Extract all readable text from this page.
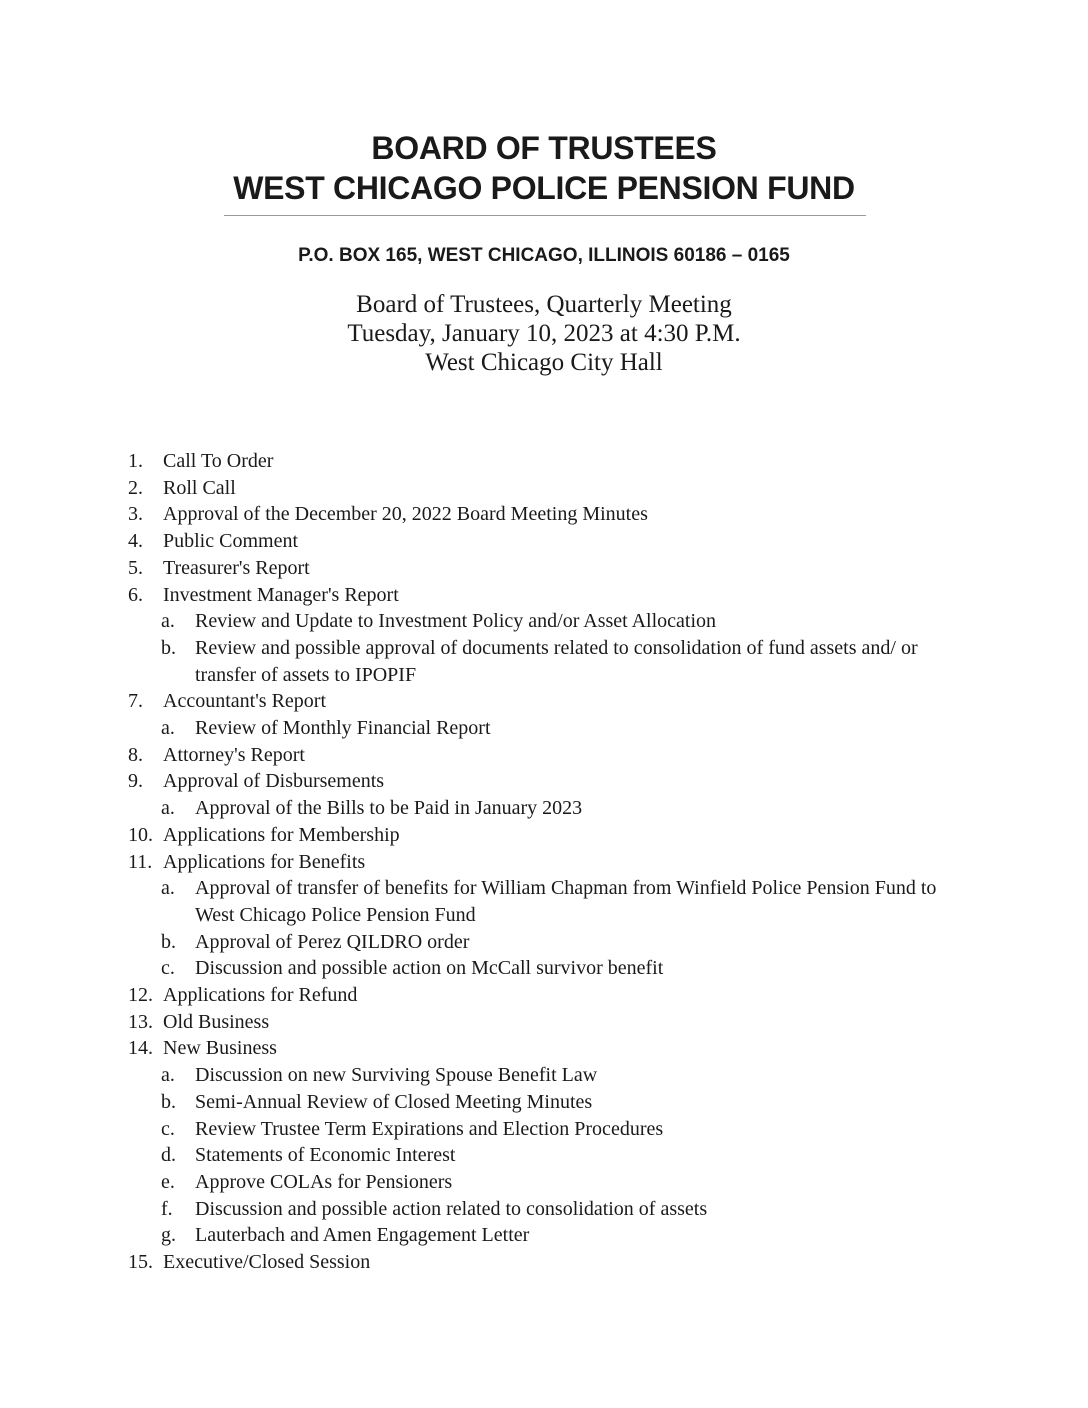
BOARD OF TRUSTEES
WEST CHICAGO POLICE PENSION FUND
P.O. BOX 165, WEST CHICAGO, ILLINOIS 60186 – 0165
Board of Trustees, Quarterly Meeting
Tuesday, January 10, 2023 at 4:30 P.M.
West Chicago City Hall
1. Call To Order
2. Roll Call
3. Approval of the December 20, 2022 Board Meeting Minutes
4. Public Comment
5. Treasurer's Report
6. Investment Manager's Report
a. Review and Update to Investment Policy and/or Asset Allocation
b. Review and possible approval of documents related to consolidation of fund assets and/ or transfer of assets to IPOPIF
7. Accountant's Report
a. Review of Monthly Financial Report
8. Attorney's Report
9. Approval of Disbursements
a. Approval of the Bills to be Paid in January 2023
10. Applications for Membership
11. Applications for Benefits
a. Approval of transfer of benefits for William Chapman from Winfield Police Pension Fund to West Chicago Police Pension Fund
b. Approval of Perez QILDRO order
c. Discussion and possible action on McCall survivor benefit
12. Applications for Refund
13. Old Business
14. New Business
a. Discussion on new Surviving Spouse Benefit Law
b. Semi-Annual Review of Closed Meeting Minutes
c. Review Trustee Term Expirations and Election Procedures
d. Statements of Economic Interest
e. Approve COLAs for Pensioners
f. Discussion and possible action related to consolidation of assets
g. Lauterbach and Amen Engagement Letter
15. Executive/Closed Session
